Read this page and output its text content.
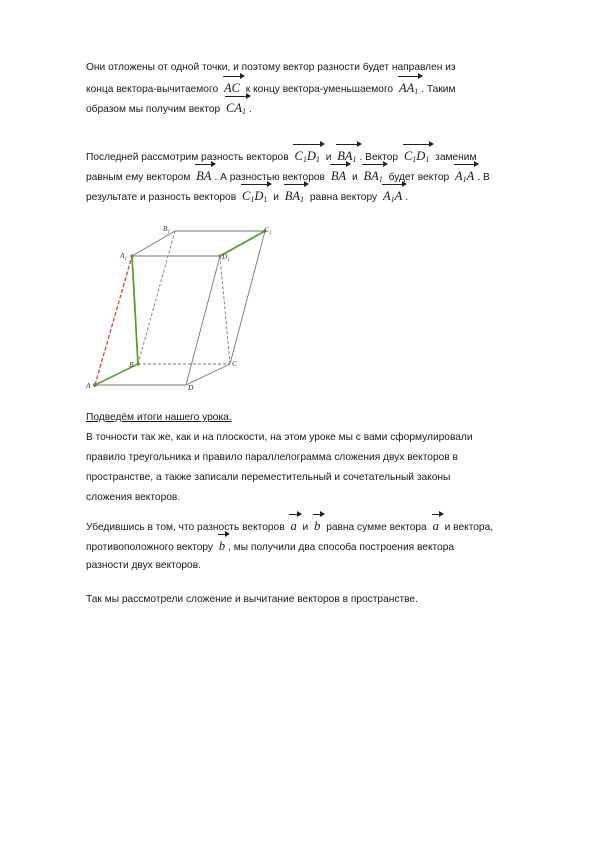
Они отложены от одной точки, и поэтому вектор разности будет направлен из
конца вектора-вычитаемого AC к концу вектора-уменьшаемого $AA_1$ . Таким
образом мы получим вектор $CA_1$ .
Последней рассмотрим разность векторов $C_1D_1$ и $BA_1$ . Вектор $C_1D_1$ заменим
равным ему вектором BA . А разностью векторов BA и $BA_1$ будет вектор $A_1A$ . В
результате и разность векторов $C_1D_1$ и $BA_1$ равна вектору $A_1A$ .
A
B	C
D
$A_1$
$B_1$	$C_1$
$D_1$
Подведём итоги нашего урока.
В точности так же, как и на плоскости, на этом уроке мы с вами сформулировали
правило треугольника и правило параллелограмма сложения двух векторов в
пространстве, а также записали переместительный и сочетательный законы
сложения векторов.
Убедившись в том, что разность векторов a и b равна сумме вектора a и вектора,
противоположного вектору b , мы получили два способа построения вектора
разности двух векторов.
Так мы рассмотрели сложение и вычитание векторов в пространстве.
